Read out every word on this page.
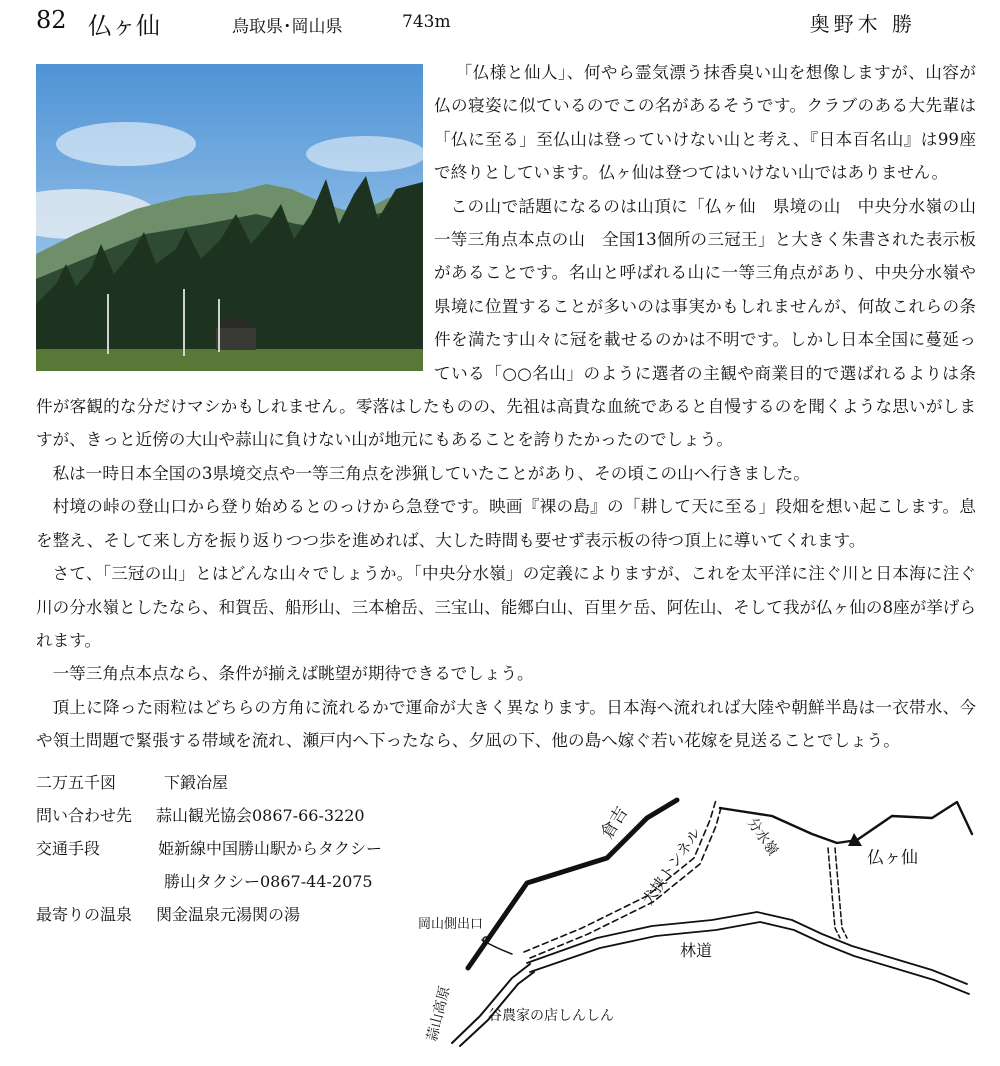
82 仏ヶ仙	鳥取県･岡山県	743m	奥野木 勝

「仏様と仙人」、何やら霊気漂う抹香臭い山を想像しますが、山容が仏の寝姿に似ているのでこの名があるそうです。クラブのある大先輩は「仏に至る」至仏山は登っていけない山と考え、『日本百名山』は99座で終りとしています。仏ヶ仙は登つてはいけない山ではありません。

この山で話題になるのは山頂に「仏ヶ仙　県境の山　中央分水嶺の山　一等三角点本点の山　全国13個所の三冠王」と大きく朱書された表示板があることです。名山と呼ばれる山に一等三角点があり、中央分水嶺や県境に位置することが多いのは事実かもしれませんが、何故これらの条件を満たす山々に冠を載せるのかは不明です。しかし日本全国に蔓延っている「○○名山」のように選者の主観や商業目的で選ばれるよりは条件が客観的な分だけマシかもしれません。零落はしたものの、先祖は高貴な血統であると自慢するのを聞くような思いがしますが、きっと近傍の大山や蒜山に負けない山が地元にもあることを誇りたかったのでしょう。

私は一時日本全国の3県境交点や一等三角点を渉猟していたことがあり、その頃この山へ行きました。

村境の峠の登山口から登り始めるとのっけから急登です。映画『裸の島』の「耕して天に至る」段畑を想い起こします。息を整え、そして来し方を振り返りつつ歩を進めれば、大した時間も要せず表示板の待つ頂上に導いてくれます。

さて、「三冠の山」とはどんな山々でしょうか。「中央分水嶺」の定義によりますが、これを太平洋に注ぐ川と日本海に注ぐ川の分水嶺としたなら、和賀岳、船形山、三本槍岳、三宝山、能郷白山、百里ケ岳、阿佐山、そして我が仏ヶ仙の8座が挙げられます。

一等三角点本点なら、条件が揃えば眺望が期待できるでしょう。

頂上に降った雨粒はどちらの方角に流れるかで運命が大きく異なります。日本海へ流れれば大陸や朝鮮半島は一衣帯水、今や領土問題で緊張する帯域を流れ、瀬戸内へ下ったなら、夕凪の下、他の島へ嫁ぐ若い花嫁を見送ることでしょう。

二万五千図	下鍛冶屋
問い合わせ先 蒜山観光協会0867-66-3220
交通手段	姫新線中国勝山駅からタクシー
勝山タクシー0867-44-2075
最寄りの温泉 関金温泉元湯関の湯
倉吉
犬挟トンネル	分水嶺	仏ヶ仙
林道
岡山側出口
蒜山高原 谷農家の店しんしん
